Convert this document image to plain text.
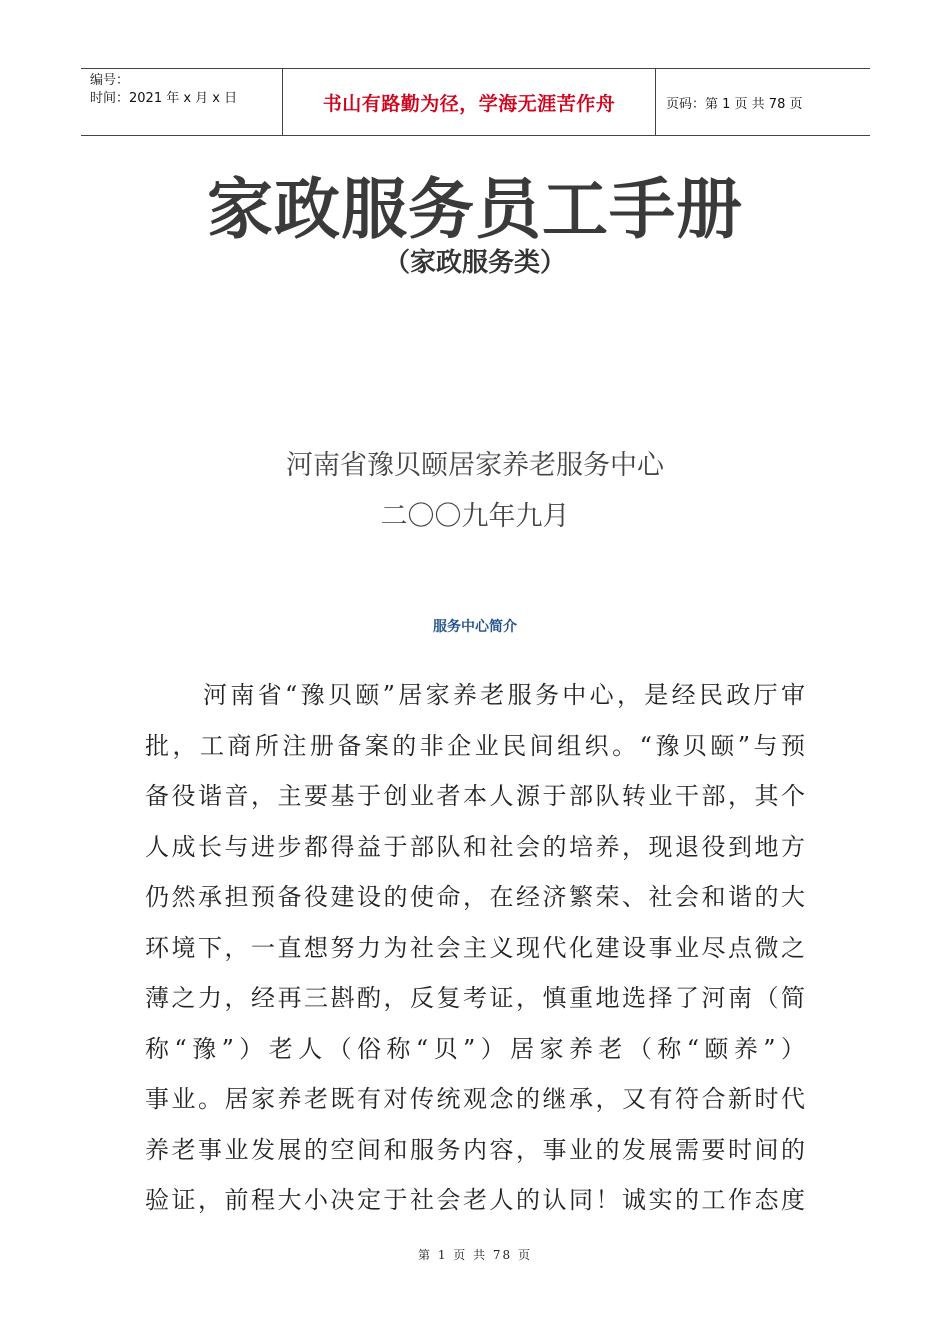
编号：
时间：2021 年 x 月 x 日	书山有路勤为径，学海无涯苦作舟	页码：第 1 页 共 78 页
家政服务员工手册
（家政服务类）
河南省豫贝颐居家养老服务中心
二〇〇九年九月
服务中心简介
河南省“豫贝颐”居家养老服务中心，是经民政厅审
批，工商所注册备案的非企业民间组织。“豫贝颐”与预
备役谐音，主要基于创业者本人源于部队转业干部，其个
人成长与进步都得益于部队和社会的培养，现退役到地方
仍然承担预备役建设的使命，在经济繁荣、社会和谐的大
环境下，一直想努力为社会主义现代化建设事业尽点微之
薄之力，经再三斟酌，反复考证，慎重地选择了河南（简
称“豫”）老人（俗称“贝”）居家养老（称“颐养”）
事业。居家养老既有对传统观念的继承，又有符合新时代
养老事业发展的空间和服务内容，事业的发展需要时间的
验证，前程大小决定于社会老人的认同！诚实的工作态度
第 1 页 共 78 页
